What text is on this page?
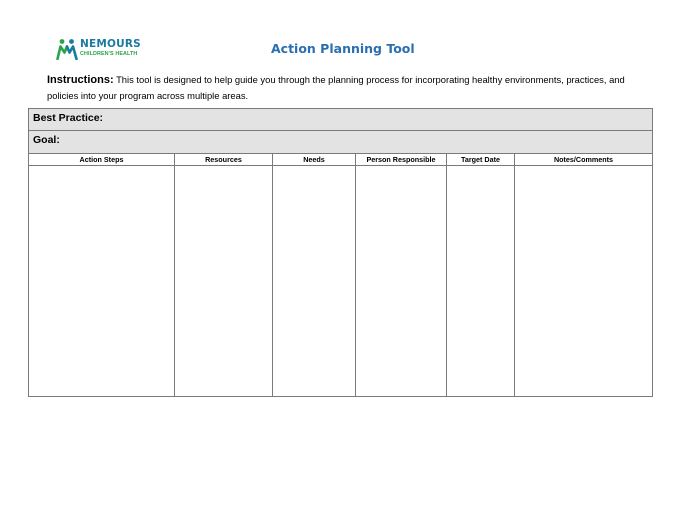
NEMOURS
CHILDREN'S HEALTH	Action Planning Tool
Instructions: This tool is designed to help guide you through the planning process for incorporating healthy environments, practices, and policies into your program across multiple areas.
Best Practice:
Goal:
Action Steps	Resources	Needs	Person Responsible	Target Date	Notes/Comments
